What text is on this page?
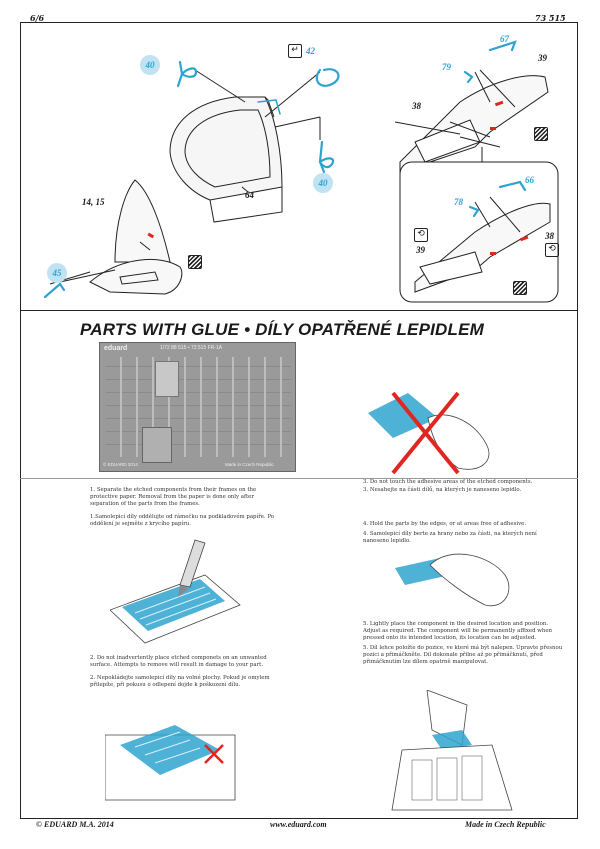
6/6	73 515
40
↵ 42
64
40
14, 15
45
67
79
39
38
66
78
⟲
39
38
⟲
PARTS WITH GLUE • DÍLY OPATŘENÉ LEPIDLEM
eduard	1/72 88 515 • 73 515 FR-1A
© EDUARD 2014	Made in Czech Republic

1. Separate the etched components from their frames on the protective paper. Removal from the paper is done only after separation of the parts from the frames.

1.Samolepicí díly oddělujte od rámečku na podkladovém papíře. Po oddělení je sejměte z krycího papíru.

2. Do not inadvertently place etched componets on an unwanted surface. Attempts to remove will result in damage to your part.

2. Nepokládejte samolepicí díly na volné plochy. Pokud je omylem přilepíte, při pokusu o odlepení dojde k poškození dílu.

3. Do not touch the adhesive areas of the etched components.

3. Nesahejte na části dílů, na kterých je naneseno lepidlo.

4. Hold the parts by the edges, or at areas free of adhesive.

4. Samolepicí díly berte za hrany nebo za části, na kterých není naneseno lepidlo.

5. Lightly place the component in the desired location and position. Adjust as required. The component will be permanently affixed when pressed onto its intended location, its location can be adjusted.

5. Díl lehce položte do pozice, ve které má být nalepen. Upravte přesnou pozici a přimáčkněte. Díl dokonale přilne až po přimáčknutí, před přimáčknutím lze dílem opatrně manipulovat.

© EDUARD M.A. 2014	www.eduard.com	Made in Czech Republic
